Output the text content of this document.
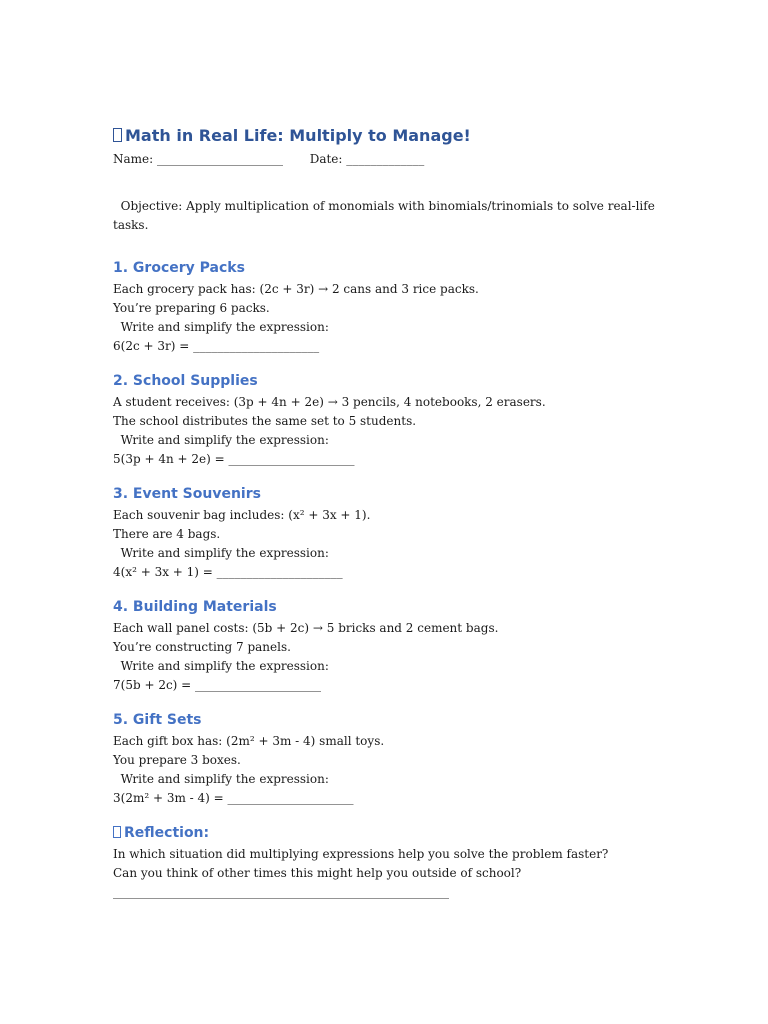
Math in Real Life: Multiply to Manage!

Name: _____________________       Date: _____________

Objective: Apply multiplication of monomials with binomials/trinomials to solve real-life tasks.

1. Grocery Packs

Each grocery pack has: (2c + 3r) → 2 cans and 3 rice packs.

You’re preparing 6 packs.

Write and simplify the expression:

6(2c + 3r) = _____________________

2. School Supplies

A student receives: (3p + 4n + 2e) → 3 pencils, 4 notebooks, 2 erasers.

The school distributes the same set to 5 students.

Write and simplify the expression:

5(3p + 4n + 2e) = _____________________

3. Event Souvenirs

Each souvenir bag includes: (x² + 3x + 1).

There are 4 bags.

Write and simplify the expression:

4(x² + 3x + 1) = _____________________

4. Building Materials

Each wall panel costs: (5b + 2c) → 5 bricks and 2 cement bags.

You’re constructing 7 panels.

Write and simplify the expression:

7(5b + 2c) = _____________________

5. Gift Sets

Each gift box has: (2m² + 3m - 4) small toys.

You prepare 3 boxes.

Write and simplify the expression:

3(2m² + 3m - 4) = _____________________

Reflection:

In which situation did multiplying expressions help you solve the problem faster?

Can you think of other times this might help you outside of school?

________________________________________________________
